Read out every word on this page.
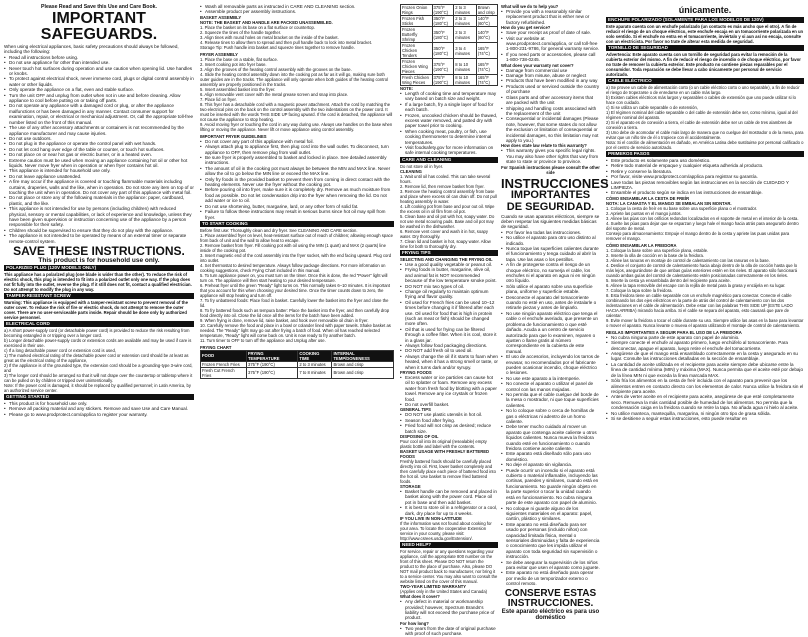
Please Read and Save this Use and Care Book.

IMPORTANT SAFEGUARDS.

When using electrical appliances, basic safety precautions should always be followed, including the following:

• Read all instructions before using.
• Do not use appliance for other than intended use.
• Never touch hot surfaces during operation and use caution when opening lid. Use handles or knobs.
• To protect against electrical shock, never immerse cord, plugs or digital control assembly in water or other liquids.
• Only operate the appliance on a flat, even and stable surface.
• Turn the unit OFF and unplug from outlet when not in use and before cleaning. Allow appliance to cool before putting on or taking off parts.
• Do not operate any appliance with a damaged cord or plug, or after the appliance malfunctions or has been damaged in any manner. Contact consumer support for examination, repair, or electrical or mechanical adjustment. Or, call the appropriate toll-free number listed on the front of this manual.
• The use of any other accessory attachments or containers is not recommended by the appliance manufacturer and may cause injuries.
• Do not use outdoors.
• Do not plug in the appliance or operate the control panel with wet hands.
• Do not let cord hang over edge of the table or counter, or touch hot surfaces.
• Do not place on or near hot gas or electric burner, or in a heated oven.
• Extreme caution must be used when moving an appliance containing hot oil or other hot liquids. Never move fryer when in operation or when fryer contains hot oil.
• This appliance is intended for household use only.
• Do not leave appliance unattended.
• A fire may occur if the appliance is covered or touching flammable materials including curtains, draperies, walls and the like, when in operation. Do not store any item on top of or touching the unit when in operation. Do not cover any part of this appliance with metal foil.
• Do not place or store any of the following materials in the appliance: paper, cardboard, plastic, and the like.
• This appliance is not intended for use by persons (including children) with reduced physical, sensory or mental capabilities, or lack of experience and knowledge, unless they have been given supervision or instruction concerning use of the appliance by a person responsible for their safety.
• Children should be supervised to ensure that they do not play with the appliance.
• The appliance is not intended to be operated by means of an external timer or separate remote-control system.

SAVE THESE INSTRUCTIONS.

This product is for household use only.

POLARIZED PLUG (120V MODELS ONLY)

This appliance has a polarized plug (one blade is wider than the other). To reduce the risk of electric shock, this plug is intended to fit into a polarized outlet only one way. If the plug does not fit fully into the outlet, reverse the plug. If it still does not fit, contact a qualified electrician. Do not attempt to modify the plug in any way.

TAMPER-RESISTANT SCREW

Warning: This appliance is equipped with a tamper-resistant screw to prevent removal of the outer cover. To reduce the risk of fire or electric shock, do not attempt to remove the outer cover. There are no user-serviceable parts inside. Repair should be done only by authorized service personnel.

ELECTRICAL CORD

a) A short power-supply cord (or detachable power cord) is provided to reduce the risk resulting from becoming entangled in or tripping over a longer cord.

b) Longer detachable power-supply cords or extension cords are available and may be used if care is exercised in their use.

c) If a long detachable power cord or extension cord is used,

1) The marked electrical rating of the detachable power cord or extension cord should be at least as great as the electrical rating of the appliance,

2) If the appliance is of the grounded type, the extension cord should be a grounding-type 3-wire cord, and

3) The longer cord should be arranged so that it will not drape over the countertop or tabletop where it can be pulled on by children or tripped over unintentionally.

Note: If the power cord is damaged, it should be replaced by qualified personnel; in Latin America, by an authorized service center.

GETTING STARTED
• This product is for household use only.
• Remove all packing material and any stickers. Remove and save Use and Care Manual.
• Please go to www.prodprotect.com/applica to register your warranty.
• Wash all removable parts as instructed in CARE AND CLEANING section.
• Assemble product per assembly instructions.

BASKET ASSEMBLY

NOTE: THE BASKET AND HANDLE ARE PACKED UNASSEMBLED.

1. Place the basket on its base on a flat surface or countertop.
2. Squeeze the tines of the handle together.
3. Align tines with round holes on metal bracket on the inside of the basket.
4. Release tines to allow them to spread and then pull handle back to lock into metal bracket.

Storage Tip: Push handle into basket and squeeze tines together to remove handle.

FRYER ASSEMBLY

1. Place the base on a stable, flat surface.
2. Insert cooking pot into fryer base.
3. Align the grooves of the heating control assembly with the grooves on the base.
4. Slide the heating control assembly down into the cooking pot as far as it will go, making sure both outer guides are in the tracks. The appliance will only operate when both guides of the heating control assembly are properly positioned in the tracks.
5. Insert assembled basket into the fryer.
6. Align removable vent cover with the metal grease screen and snap into place.
7. Place lid on fryer.
8. This fryer has a detachable cord with a magnetic power attachment. Attach the cord by matching the two electrical pins on the back on the control assembly with the two indentations on the power cord. It must be inserted with the words THIS SIDE UP facing upward. If the cord is detached, the appliance will not cause the appliance to stop heating.
9. Avoid moving fryer or touching the cord in any way during use. Always use handles on the base when lifting or moving the appliance. Never lift or move appliance using control assembly.

IMPORTANT FRYER GUIDELINES

• Do not cover any part of this appliance with metal foil.
• Always attach plug to appliance first, then plug cord into the wall outlet. To disconnect, turn appliance to OFF, then remove plug from wall outlet.
• Be sure fryer is properly assembled to basket and locked in place. See detailed assembly instructions.
• The amount of oil in the cooking pot must always be between the MIN and MAX line. Never allow the oil to go below the MIN line or exceed the MAX line.
• Only fry foods in the provided basket to prevent them from coming in direct contact with the heating elements. Never use the fryer without the cooking pot.
• Before pouring oil into fryer, make sure it is completely dry. Remove as much moisture from food as possible. Do not let condensation drip into the fryer when removing the lid. Do not add water or ice to oil.
• Do not use shortening, butter, margarine, lard, or any other form of solid fat.
• Failure to follow these instructions may result in serious burns since hot oil may spill from fryer.
TO START COOKING
Before first use: Thoroughly clean and dry fryer. See CLEANING AND CARE section.
1. Place assembled fryer on level, heat-resistant surface out of reach of children; allowing enough space from back of unit and the wall to allow heat to escape.
2. Remove basket from fryer. Fill cooking pot with oil using the MIN (1 quart) and MAX (2 quarts) line inside of the cooking pot.
3. Insert magnetic end of the cord assembly into the fryer socket, with the end facing upward. Plug cord into outlet.
4. Set thermostat to desired temperature. Always follow package directions. For more information on cooking suggestions, check Frying Chart included in this manual.
5. To turn appliance power on, you must turn on the timer. Once this is done, the red "Power" light will turn on. The appliance will then start heating to your desired temperature.
6. Preheat fryer until the green "Ready" light turns on. This normally takes 6–10 minutes. It is important that you account for this when choosing your desired time. Once the timer counts down to zero, the appliance will stop heating and turn off.
7. To fry unbattered foods: Place food in basket. Carefully lower the basket into the fryer and close the lid.
8. To fry battered foods such as tempura batter: Place the basket into the fryer, and then carefully drop food directly into oil. Close the lid once all the items for the batch have been added.
9. When frying is done, remove lid, raise basket, and hook over removable oil drain in fryer.
10. Carefully remove the food and place in a bowl or colander lined with paper towels. Shake basket as needed. The "Ready" light may go out after frying a batch of food. When oil has reached selected temperature, "Ready" light will come back on. Unit is now ready to fry another batch.
11. Turn timer to OFF to turn off the appliance and Unplug after use.

FRYING CHART

FOOD	FRYING TEMPERATURE	COOKING TIME	INTERNAL TEMP/DONENESS
Frozen French Fries	375°F (190°C)	2 to 3 minutes	Brown and crisp
Fresh Cut French Fries	375°F (190°C)	7 to 8 minutes	Brown and crisp
Frozen Onion Rings	375°F (190°C)	2 to 3 minutes	Brown and crisp
Frozen Fish Sticks	350°F (180°C)	2 to 3 minutes	140°F (60°C)
Frozen Butterfly Shrimp	350°F (180°C)	2 to 3 minutes	140°F (60°C)
Frozen Chicken Tenders	350°F (180°C)	3 to 4 minutes	165°F (74°C)
Frozen Chicken Wing Pieces	375°F (190°C)	8 to 10 minutes	165°F (74°C)
Fresh Chicken Wing Pieces	375°F (190°C)	8 to 10 minutes	165°F (74°C)

NOTE:

• Length of cooking time and temperature may vary based on batch size and weight.
• If a large batch, fry a single layer of food for each batch.
• Frozen, uncooked chicken should be thawed, excess water removed, and patted dry with paper towel prior to cooking.
• When cooking meat, poultry, or fish, use cooking thermometer to determine internal temperatures.
• Visit foodsafety.gov for more information on safe internal cooking temperatures.
CARE AND CLEANING

Do not store oil in fryer.

CLEANING

1. Wait until oil has cooled. This can take several hours.
2. Remove lid, then remove basket from fryer.
3. Remove the heating control assembly from base and place where excess oil can drain off. Do not pull heating assembly in water.
4. Lift cooking pot from base and pour out oil. Wipe the excess oil in oil film from oil pot.
5. Clean base and oil pot with hot, soapy water. Do not use metal scouring pads. Base and oil pot may be washed in the dishwasher.
6. Remove vent cover and wash it in hot, soapy water. Dry thoroughly.
7. Clean lid and basket in hot, soapy water. Allow time for both to thoroughly dry.
FRYING TIPS

SELECTING AND CHANGING THE FRYING OIL

• Use a good quality vegetable or peanut oil.
• Frying foods in butter, margarine, olive oil, and animal fat is NOT recommended because of the low temperature smoke point.
• DO NOT mix two types of oil.
• Change oil regularly to maintain optimum frying and flavor quality.
• Oil used for French fries can be used 10–12 times before changing it if filtered after each use. Oil used for food that is high in protein (such as meat or fish) should be changed more often.
• Oil that is used for frying can be filtered through a coffee filter. When it is cool, store it in a glass jar.
• Always follow food packaging directions.
• DO NOT add fresh oil to used oil.
• Always change the oil if it starts to foam when heated, when it has a strong smell or taste, or when it turns dark and/or syrupy.

FRYING FOODS

• Excess water or ice particles can cause hot oil to splatter or foam. Remove any excess water from fresh food by blotting with a paper towel. Remove any ice crystals or frozen food.
• Do not overfill basket.

GENERAL TIPS

• DO NOT use plastic utensils in hot oil.
• Season food after frying.
• Fried food will not crisp as desired; reduce batch size.

DISPOSING OF OIL

Pour cool oil into its original (resealable) empty plastic bottle and label with the contents.

BASKET USAGE WITH FRESHLY BATTERED FOODS

Freshly battered foods should be carefully placed directly into oil. First, lower basket completely and then carefully place each piece of battered food into the hot oil. Use basket to remove fried battered foods.

STORAGE

• Basket handle can be removed and placed in basket along with the power cord. Place oil pot in base and then add basket.
• It is best to store oil in a refrigerator or a cool, dark, dry place for up to 4 weeks.

IF YOU LIVE IN NON-LATITUDE

If the information was not found about cooking for your area. To locate the cooperative Extension service in your county, please visit: http://www.csrees.usda.gov/Extension/.

NEED HELP?

For service, repair or any questions regarding your appliance, call the appropriate 800 number on the front of this sheet. Please DO NOT return the product to the place of purchase. Also, please DO NOT mail product back to manufacturer, nor bring it to a service center. You may also want to consult the website listed on the cover of this manual.

TWO-YEAR LIMITED WARRANTY

(Applies only in the United States and Canada)

What does it cover?

• Any defect in material or workmanship provided; however, Spectrum Brands's liability will not exceed the purchase price of product.

For how long?

• Two years from the date of original purchase with proof of such purchase.

What will we do to help you?

• Provide you with a reasonably similar replacement product that is either new or factory refurbished.

How do you get service?

• Save your receipt as proof of date of sale.
• Visit our website at www.prodprotect.com/applica, or call toll-free 1-800-231-9786, for general warranty service.
• If you need parts or accessories, please call 1-800-738-0245.

What does your warranty not cover?

• Damage from commercial use
• Damage from misuse, abuse or neglect
• Products that have been modified in any way
• Products used or serviced outside the country of purchase
• Glass parts and other accessory items that are packed with the unit
• Shipping and handling costs associated with the replacement of the unit
• Consequential or incidental damages (Please note, however, that some states do not allow the exclusion or limitation of consequential or incidental damages, so this limitation may not apply to you.)

How does state law relate to this warranty?

• This warranty gives you specific legal rights. You may also have other rights that vary from state to state or province to province.

For Spanish instructions please consult the other side

INSTRUCCIONES

IMPORTANTES

DE SEGURIDAD.

Cuando se usan aparatos eléctricos, siempre se deben respetar las siguientes medidas básicas de seguridad.

• Por favor lea todas las instrucciones.
• No utilice el aparato para otro uso distinto al indicado.
• Nunca toque las superficies calientes durante el funcionamiento y tenga cuidado al abrir la tapa. Use las asas o los pestillos.
• A fin de protegerse contra el riesgo de un choque eléctrico, no sumerja el cable, los enchufes ni el aparato en agua ni en ningún otro líquido.
• Sólo utilice el aparato sobre una superficie plana, uniforme y superficie estable.
• Desconecte el aparato del tomacorriente cuando no esté en uso, antes de instalarle o retirarle piezas y antes de limpiarlo.
• No use ningún aparato eléctrico que tenga el cable o el enchufe averiado, que presente un problema de funcionamiento o que esté dañado. Acuda a un centro de servicio autorizado para que lo examinen, reparen o ajusten o llame gratis al número correspondiente en la cubierta de este manual.
• El uso de accesorios, incluyendo los tarros de envasar, no recomendados por el fabricante pueden ocasionar incendio, choque eléctrico o lesiones.
• No use este aparato a la intemperie.
• No conecte el aparato o utilizar el panel de control con las manos mojadas.
• No permita que el cable cuelgue del borde de la mesa o mostrador, ni que toque superficies calientes.
• No lo coloque sobre o cerca de hornillas de gas o eléctricas ni adentro de un horno caliente.
• Debe tener mucho cuidado al mover un aparato que contenga aceite caliente u otros líquidos calientes. Nunca mueva la freidora cuando esté en funcionamiento o cuando freidora contiene aceite caliente.
• Este aparato está diseñado sólo para uso doméstico.
• No deje el aparato sin vigilancia.
• Puede ocurrir un incendio si el aparato está cubierto o material inflamable, incluyendo las cortinas, paredes y similares, cuando está en funcionamiento. No guarde ningún objeto en la parte superior o tocar la unidad cuando está en funcionamiento. No cubra ninguna parte de este aparato con papel de aluminio.
• No coloque ni guarde alguno de los siguientes materiales en el aparato: papel, cartón, plástico y similares.
• Este aparato no está diseñado para ser usado por personas (incluido niños) con capacidad limitada física, mental o sensoriales disminuidas y falta de experiencia o conocimiento que les impida utilizar el aparato con toda seguridad sin supervisión o instrucción.
• Se debe asegurar la supervisión de los niños para evitar que usen el aparato como juguete.
• Este aparato no está diseñado para operar por medio de un temporizador externo o control remoto.

CONSERVE ESTAS

INSTRUCCIONES.

Este aparato eléctrico es para uso doméstico

únicamente.

ENCHUFE POLARIZADO (SOLAMENTE PARA LOS MODELOS DE 120V)

Este aparato cuenta con un enchufe polarizado (un contacto es más ancho que el otro). A fin de reducir el riesgo de un choque eléctrico, este enchufe encaja en un tomacorriente polarizada en un solo sentido. Si el enchufe no entra en el tomacorriente, inviértalo y si aun así no encaja, consulte con un electricista. Por favor no trate de alterar esta medida de seguridad.

TORNILLO DE SEGURIDAD

Advertencia: Este aparato cuenta con un tornillo de seguridad para evitar la remoción de la cubierta exterior del mismo. A fin de reducir el riesgo de incendio o de choque eléctrico, por favor no trate de remover la cubierta exterior. Este producto no contiene piezas reparables por el consumidor. Toda reparación se debe llevar a cabo únicamente por personal de servicio autorizado.

CABLE ELÉCTRICO

a) Se provee un cable de alimentación corto (o un cable eléctrico corto o uno separable), a fin de reducir el riesgo de tropezarse o de enredarse en un cable más largo.

b) Existen cables eléctricos más largos y separables o cables de extensión que uno puede utilizar si lo hace con cuidado.

c) Si se utiliza un cable separable o de extensión,

1) El régimen nominal del cable separable o del cable de extensión debe ser, como mínimo, igual al del régimen nominal del aparato.

2) Si el aparato es de conexión a tierra, el cable de extensión debe ser un cable de tres alambres de conexión a tierra.

3) Uno debe de acomodar el cable más largo de manera que no cuelgue del mostrador o de la mesa, para evitar que un niño tire de él o tropiece con él accidentalmente.

Nota: Si el cordón de alimentación es dañado, en América Latina debe sustituirse por personal calificado o por el centro de servicio autorizado.

PRIMEROS PASOS
• Este producto es solamente para uso doméstico.
• Retire todo material de empaque y cualquier etiqueta adherida al producto.
• Retire y conserve la literatura.
• Por favor, visite www.prodprotect.com/applica para registrar su garantía.
• Lave todas las piezas removibles según las instrucciones en la sección de CUIDADO Y LIMPIEZA.
• Ensamble el producto según se indica en las instrucciones de ensamblaje.

CÓMO ENSAMBLAR LA CESTA DE FREÍR

NOTA: LA CANASTA Y EL MANGO SE EMBALAN SIN MONTAR.

1. Coloque la cesta de freír en su base sobre una superficie plana o el mostrador.
2. Apriete las puntas en el mango juntos.
3. Alinee las púas con los orificios redondos localizados en el soporte de metal en el interior de la cesta.
4. Suelte las púas para dejar que se esparzan y luego hale el mango hacia atrás para asegurarlo dentro del soporte de metal.

Consejo para almacenamiento: Empuje el mango dentro de la cesta y apriete las puas unidas para remover el mango.

CÓMO ENSAMBLAR LA FREIDORA

1. Coloque la base sobre una superficie plana, estable.
2. Inserte la olla de cocción en la base de la freidora.
3. Alinee las ranuras en montaje de control de calentamiento con las ranuras en la base.
4. Deslice el conjunto de control de calentamiento hacia abajo dentro de la olla de cocción hasta que lo más lejos, asegurándose de que ambas guías exteriores estén en los rieles. El aparato sólo funcionará cuando ambas guías del control de calentamiento estén posicionadas correctamente en los rieles.
5. Inserte la cesta ya ensamblada dentro del recipiente para aceite.
6. Alinee la tapa removible del escape con la rejilla de metal para la grasa y encájela en su lugar.
7. Coloque la tapa sobre la freidora.
8. Esta freidora tiene un cable separable con un enchufe magnético para conectar. Conecte el cable combinando los dos ejes eléctricos en la parte de atrás del control de calentamiento con los dos indentaciones en el cable de alimentación. Debe estar con las palabras THIS SIDE UP (ESTE LADO HACIA ARRIBA) mirando hacia arriba. Si el cable se separa del aparato, esto causará que pare de calentar.
9. Evite mover la freidora o tocar el cable durante su uso. Siempre utilice las asas en la base para levantar o mover el aparato. Nunca levante o mueva el aparato utilizando el montaje de control de calentamiento.

REGLAS IMPORTANTES A SEGUIR PARA EL USO DE LA FREIDORA

• No cubra ninguna parte de este aparato con papel de aluminio.
• Siempre conecte el enchufe al aparato primero, luego enchúfelo al tomacorriente. Para desconectar, apague el aparato, luego retire el enchufe del tomacorriente.
• Asegúrese de que el mango está ensamblado correctamente en la cesta y asegurado en su lugar. Consulte las instrucciones detalladas en la sección de ensamblaje.
• La cantidad de aceite utilizada en el recipiente para aceite siempre debe ubicarse entre la línea de cantidad mínima (MIN) y máxima (MAX). Nunca permita que el aceite esté por debajo de la línea MIN ni que exceda la línea marcada MAX.
• Sólo fría los alimentos en la cesta de freír incluida con el aparato para prevenir que los alimentos entren en contacto directo con los elementos de calor. Nunca utilice la freidora sin el recipiente para aceite.
• Antes de verter aceite en el recipiente para aceite, asegúrese de que esté completamente seco. Remueva la más cantidad posible de humedad de los alimentos. No permita que la condensación caiga en la freidora cuando se retire la tapa. No añada agua ni hielo al aceite.
• No utilice manteca, mantequilla, margarina, ni ningún otro tipo de grasa sólida.
• Si se desitiene a seguir estas instrucciones, esto puede resultar en
